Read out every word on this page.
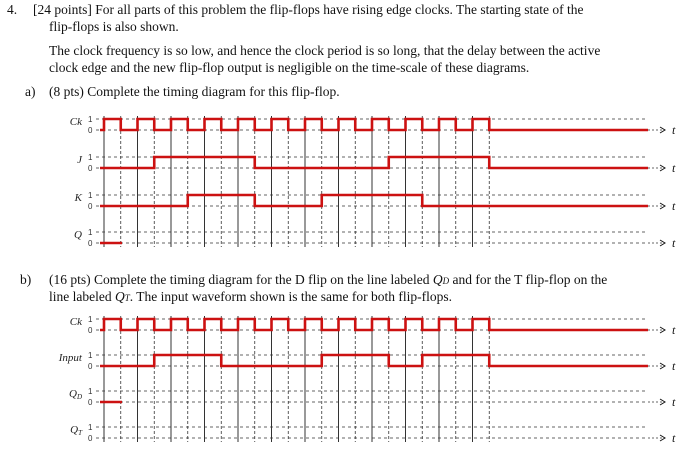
4. [24 points] For all parts of this problem the flip-flops have rising edge clocks. The starting state of the
flip-flops is also shown.
The clock frequency is so low, and hence the clock period is so long, that the delay between the active
clock edge and the new flip-flop output is negligible on the time-scale of these diagrams.
a) (8 pts) Complete the timing diagram for this flip-flop.
b) (16 pts) Complete the timing diagram for the D flip on the line labeled QD and for the T flip-flop on the
line labeled QT. The input waveform shown is the same for both flip-flops.
t
1
0
Ck
t
1
0
J
t
1
0
K
t
1
0
Q
t
1
0
Ck
t
1
0
Input
t
1
0
QD
t
1
0
QT
